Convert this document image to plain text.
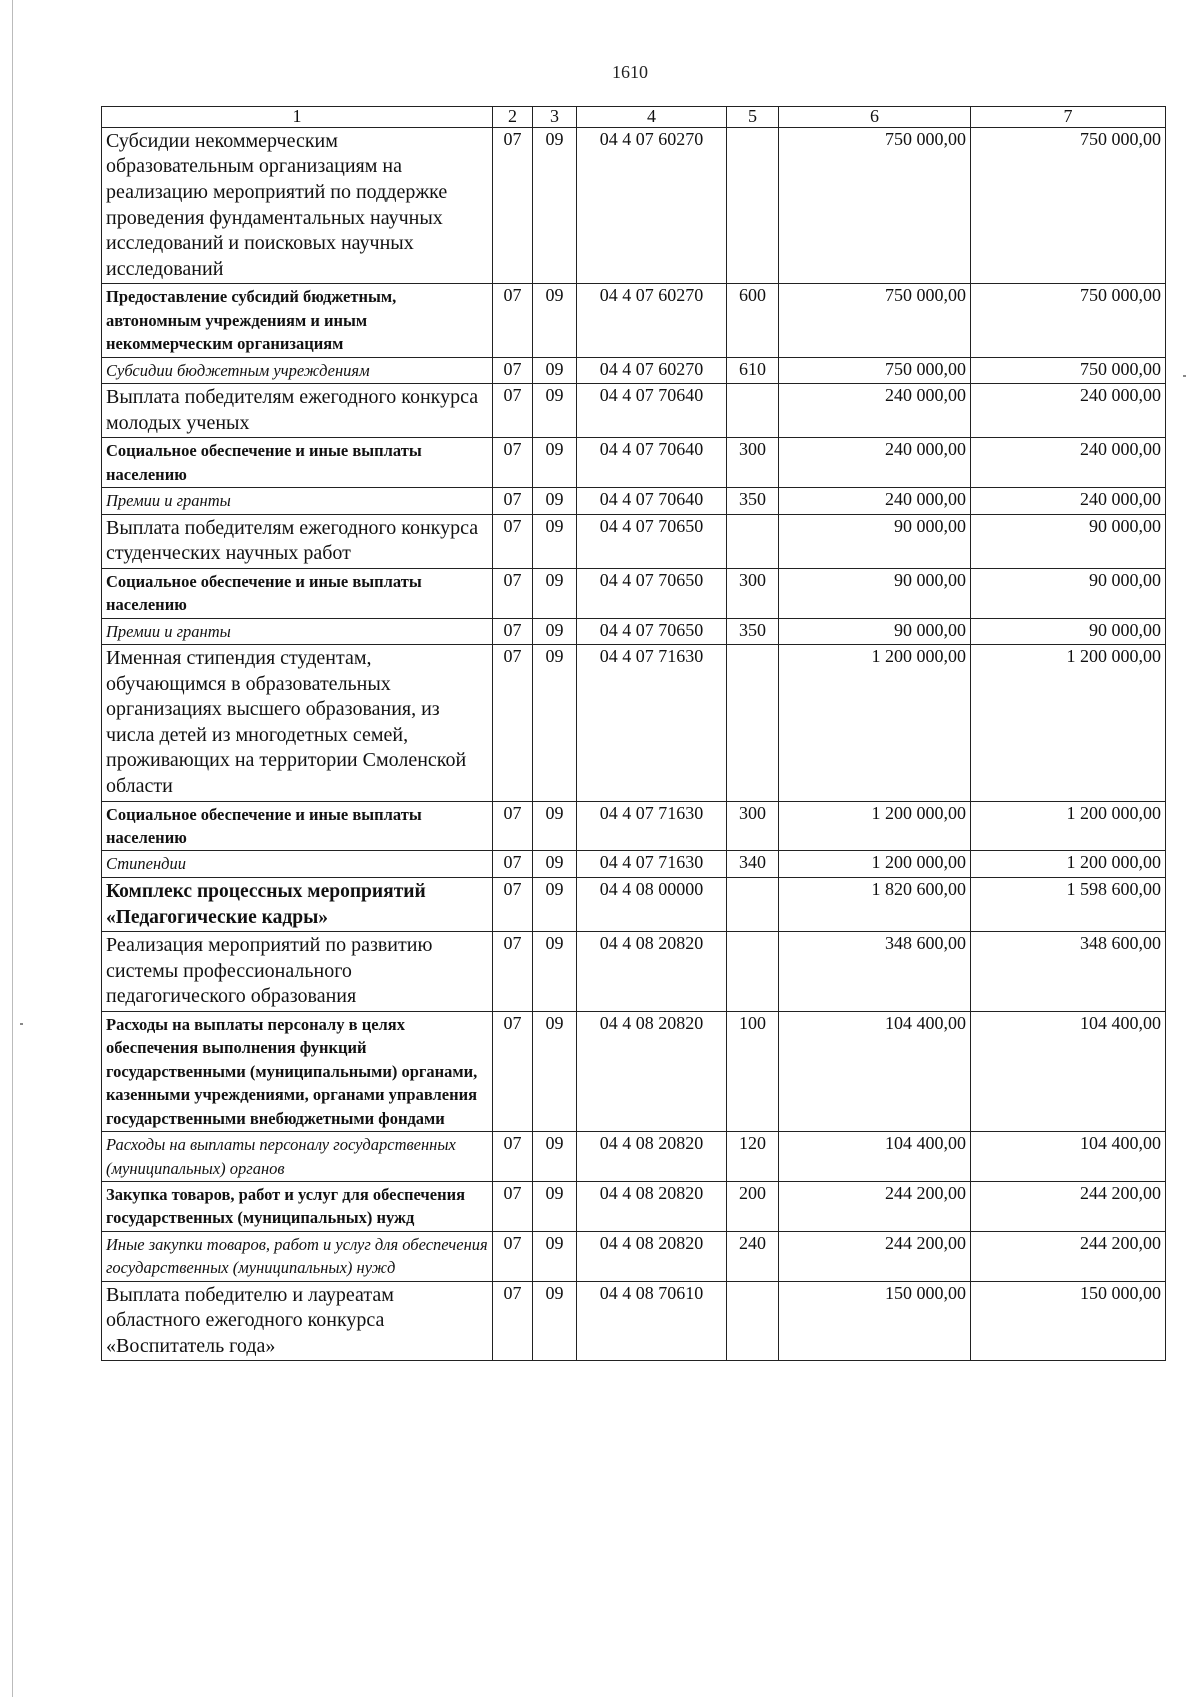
1610
1	2	3	4	5	6	7
Субсидии некоммерческим образовательным организациям на реализацию мероприятий по поддержке проведения фундаментальных научных исследований и поисковых научных исследований	07	09	04 4 07 60270		750 000,00	750 000,00
Предоставление субсидий бюджетным, автономным учреждениям и иным некоммерческим организациям	07	09	04 4 07 60270	600	750 000,00	750 000,00
Субсидии бюджетным учреждениям	07	09	04 4 07 60270	610	750 000,00	750 000,00
Выплата победителям ежегодного конкурса молодых ученых	07	09	04 4 07 70640		240 000,00	240 000,00
Социальное обеспечение и иные выплаты населению	07	09	04 4 07 70640	300	240 000,00	240 000,00
Премии и гранты	07	09	04 4 07 70640	350	240 000,00	240 000,00
Выплата победителям ежегодного конкурса студенческих научных работ	07	09	04 4 07 70650		90 000,00	90 000,00
Социальное обеспечение и иные выплаты населению	07	09	04 4 07 70650	300	90 000,00	90 000,00
Премии и гранты	07	09	04 4 07 70650	350	90 000,00	90 000,00
Именная стипендия студентам, обучающимся в образовательных организациях высшего образования, из числа детей из многодетных семей, проживающих на территории Смоленской области	07	09	04 4 07 71630		1 200 000,00	1 200 000,00
Социальное обеспечение и иные выплаты населению	07	09	04 4 07 71630	300	1 200 000,00	1 200 000,00
Стипендии	07	09	04 4 07 71630	340	1 200 000,00	1 200 000,00
Комплекс процессных мероприятий «Педагогические кадры»	07	09	04 4 08 00000		1 820 600,00	1 598 600,00
Реализация мероприятий по развитию системы профессионального педагогического образования	07	09	04 4 08 20820		348 600,00	348 600,00
Расходы на выплаты персоналу в целях обеспечения выполнения функций государственными (муниципальными) органами, казенными учреждениями, органами управления государственными внебюджетными фондами	07	09	04 4 08 20820	100	104 400,00	104 400,00
Расходы на выплаты персоналу государственных (муниципальных) органов	07	09	04 4 08 20820	120	104 400,00	104 400,00
Закупка товаров, работ и услуг для обеспечения государственных (муниципальных) нужд	07	09	04 4 08 20820	200	244 200,00	244 200,00
Иные закупки товаров, работ и услуг для обеспечения государственных (муниципальных) нужд	07	09	04 4 08 20820	240	244 200,00	244 200,00
Выплата победителю и лауреатам областного ежегодного конкурса «Воспитатель года»	07	09	04 4 08 70610		150 000,00	150 000,00
